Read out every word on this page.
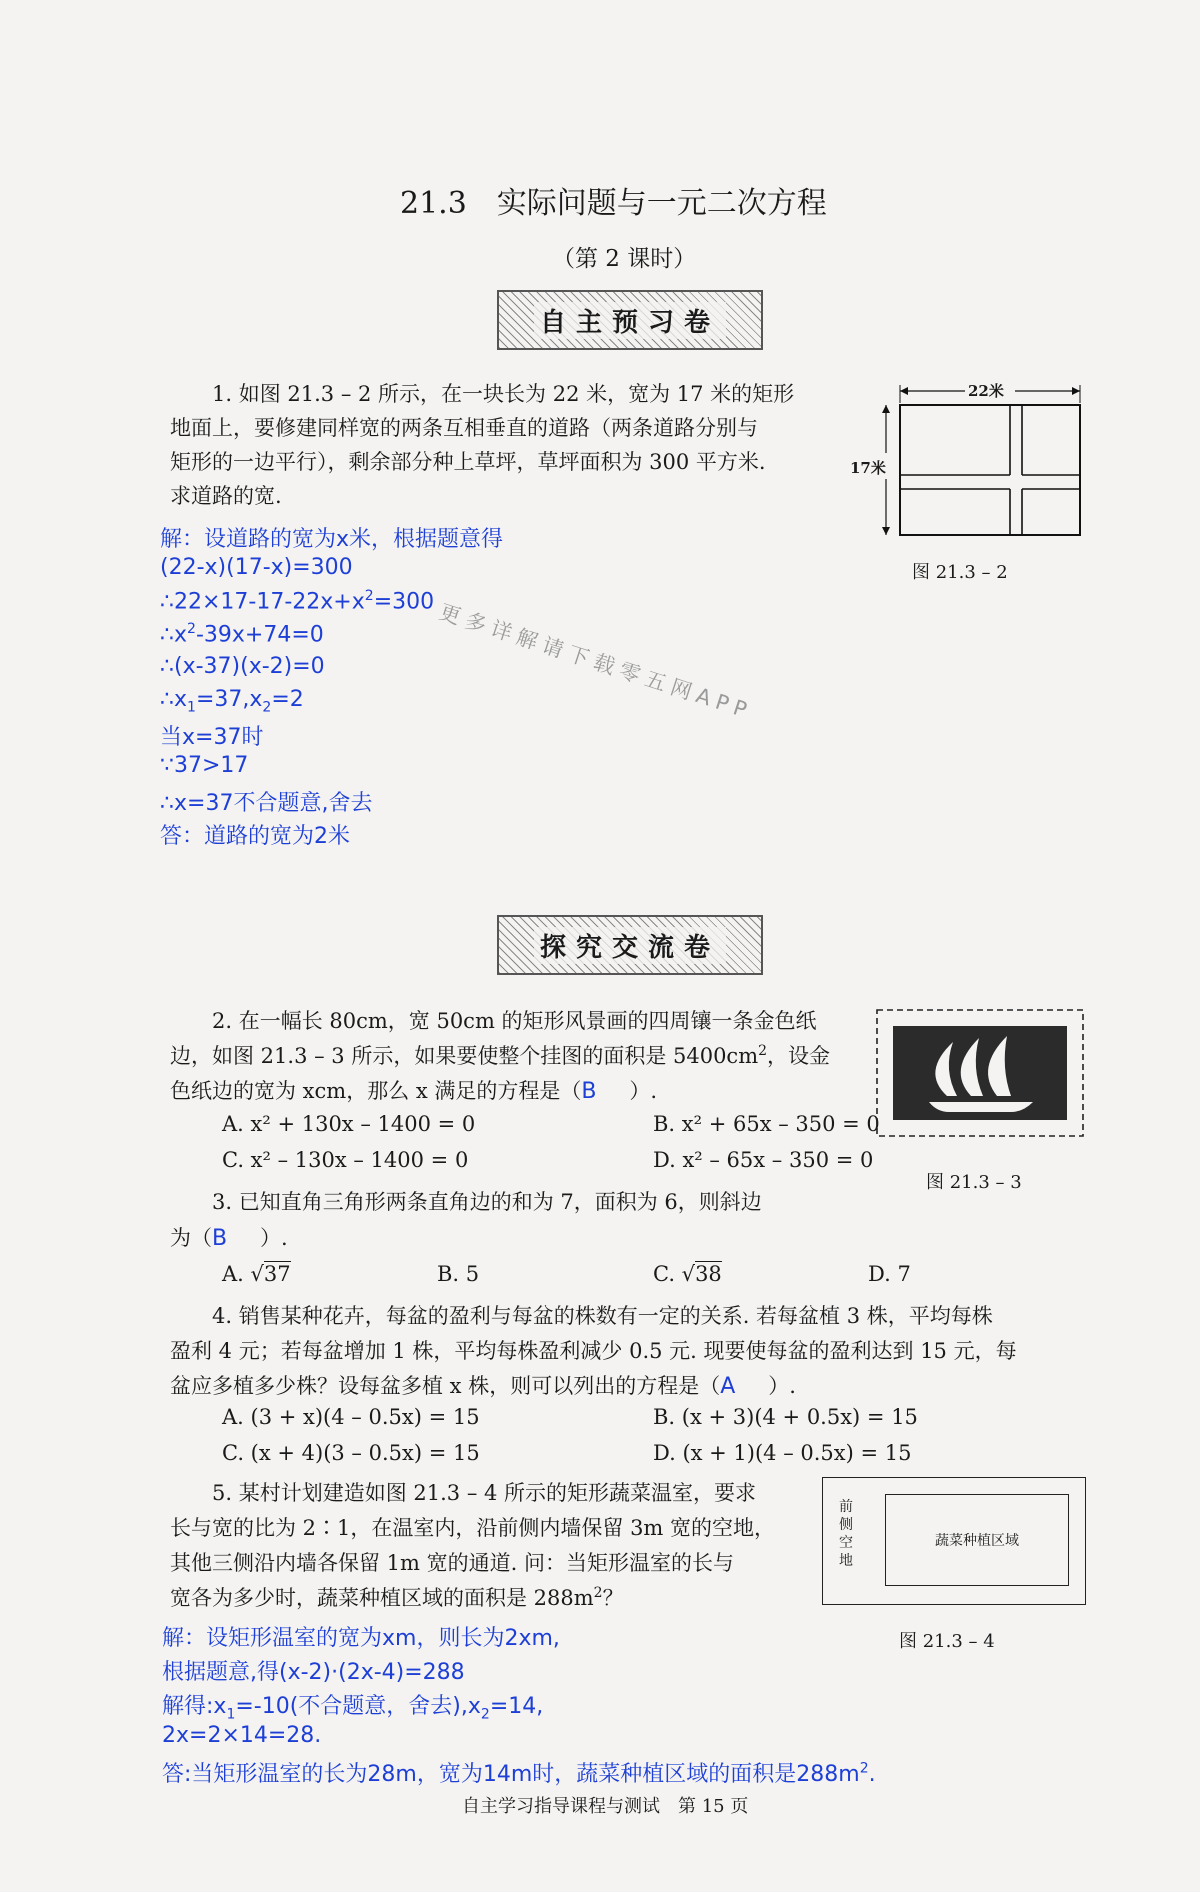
21.3　实际问题与一元二次方程
（第 2 课时）
自主预习卷
1. 如图 21.3 – 2 所示，在一块长为 22 米，宽为 17 米的矩形
地面上，要修建同样宽的两条互相垂直的道路（两条道路分别与
矩形的一边平行），剩余部分种上草坪，草坪面积为 300 平方米.
求道路的宽.
22米
17米
图 21.3 – 2
解：设道路的宽为x米，根据题意得
(22-x)(17-x)=300
$\therefore 22\times 17-17-22x+x^2=300$
$\therefore x^2-39x+74=0$
∴(x-37)(x-2)=0
$\therefore x_1=37,x_2=2$
当x=37时
∵37>17
∴x=37不合题意,舍去
答：道路的宽为2米
更多详解请下载零五网APP
探究交流卷
2. 在一幅长 80cm，宽 50cm 的矩形风景画的四周镶一条金色纸
边，如图 21.3 – 3 所示，如果要使整个挂图的面积是 $5400cm^2$，设金
色纸边的宽为 xcm，那么 x 满足的方程是（B ）.
A. x² + 130x – 1400 = 0	B. x² + 65x – 350 = 0
C. x² – 130x – 1400 = 0	D. x² – 65x – 350 = 0
图 21.3 – 3
3. 已知直角三角形两条直角边的和为 7，面积为 6，则斜边
为（B ）.
A. √37	B. 5	C. √38	D. 7
4. 销售某种花卉，每盆的盈利与每盆的株数有一定的关系. 若每盆植 3 株，平均每株
盈利 4 元；若每盆增加 1 株，平均每株盈利减少 0.5 元. 现要使每盆的盈利达到 15 元，每
盆应多植多少株？设每盆多植 x 株，则可以列出的方程是（A ）.
A. (3 + x)(4 – 0.5x) = 15	B. (x + 3)(4 + 0.5x) = 15
C. (x + 4)(3 – 0.5x) = 15	D. (x + 1)(4 – 0.5x) = 15
5. 某村计划建造如图 21.3 – 4 所示的矩形蔬菜温室，要求
长与宽的比为 2∶1，在温室内，沿前侧内墙保留 3m 宽的空地，
其他三侧沿内墙各保留 1m 宽的通道. 问：当矩形温室的长与
宽各为多少时，蔬菜种植区域的面积是 $288m^2$？
蔬菜种植区域
前侧空地
图 21.3 – 4
解：设矩形温室的宽为xm，则长为2xm,
根据题意,得(x-2)·(2x-4)=288
解得$:x_1=-10$(不合题意，舍去)$,x_2=14$,
2x=2×14=28.
答:当矩形温室的长为28m，宽为14m时，蔬菜种植区域的面积是$288m^2$.
自主学习指导课程与测试　第 15 页
